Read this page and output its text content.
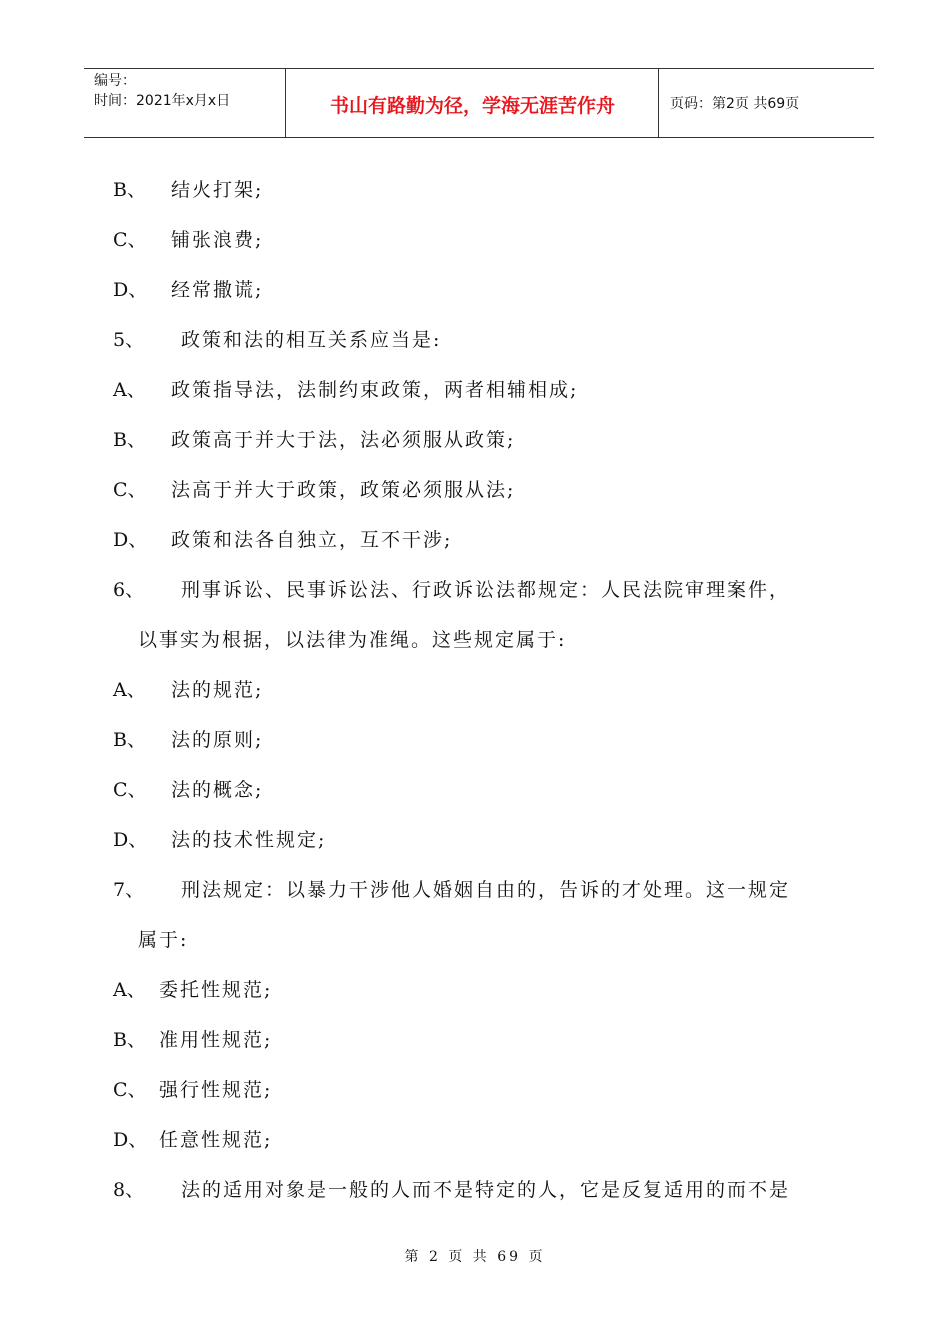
编号：
时间：2021年x月x日	书山有路勤为径，学海无涯苦作舟	页码：第2页 共69页
B、 结火打架;
C、 铺张浪费;
D、 经常撒谎;
5、 政策和法的相互关系应当是:
A、 政策指导法，法制约束政策，两者相辅相成;
B、 政策高于并大于法，法必须服从政策;
C、 法高于并大于政策，政策必须服从法;
D、 政策和法各自独立，互不干涉;
6、 刑事诉讼、民事诉讼法、行政诉讼法都规定：人民法院审理案件，
以事实为根据，以法律为准绳。这些规定属于:
A、 法的规范;
B、 法的原则;
C、 法的概念;
D、 法的技术性规定;
7、 刑法规定：以暴力干涉他人婚姻自由的，告诉的才处理。这一规定
属于:
A、 委托性规范;
B、 准用性规范;
C、 强行性规范;
D、 任意性规范;
8、 法的适用对象是一般的人而不是特定的人，它是反复适用的而不是
第 2 页 共 69 页
